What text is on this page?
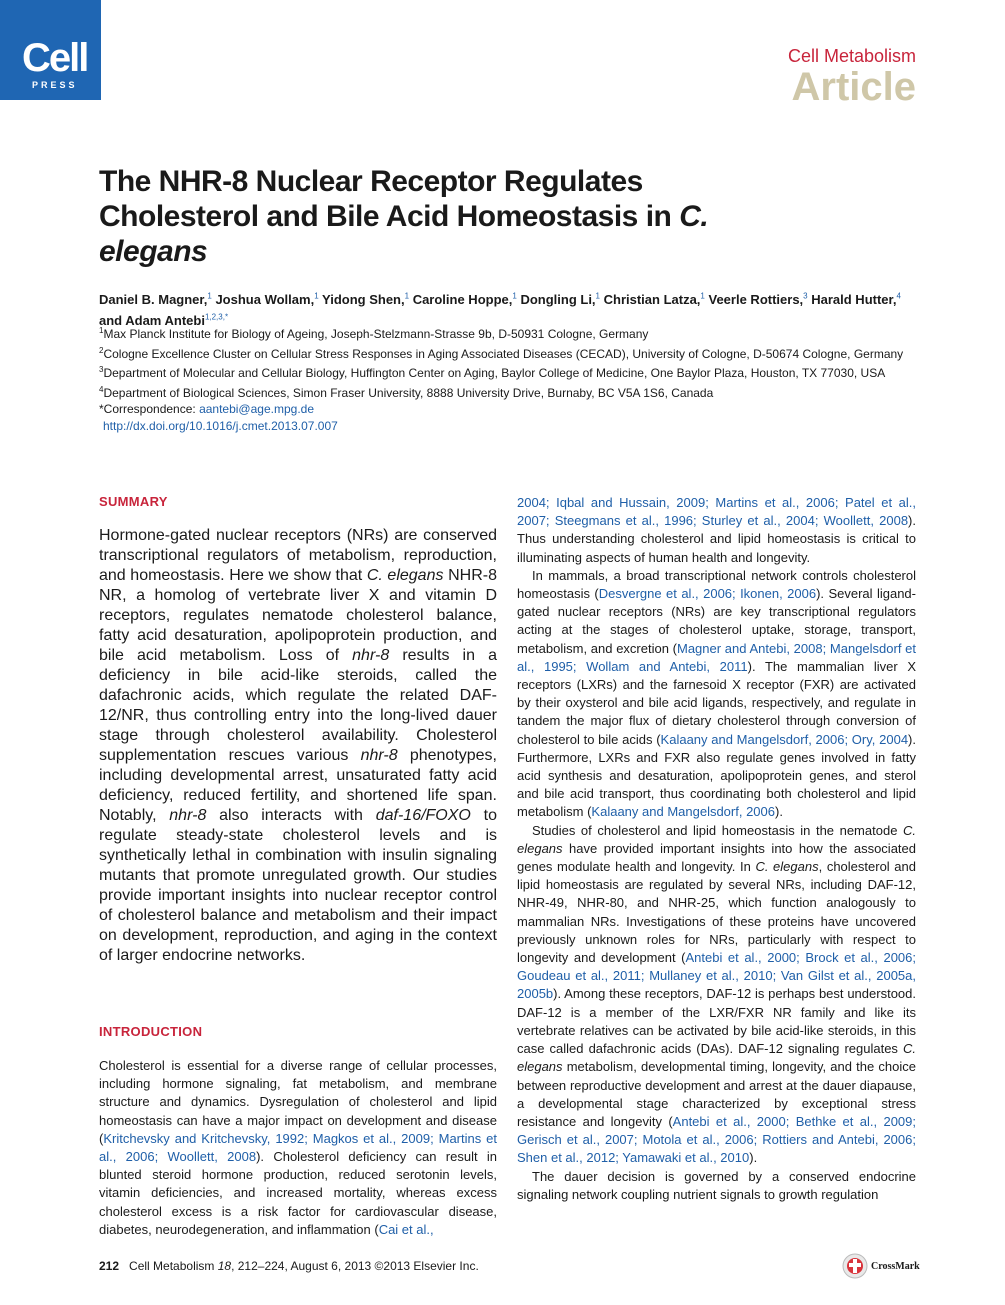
Cell
PRESS
Cell Metabolism
Article
The NHR-8 Nuclear Receptor Regulates Cholesterol and Bile Acid Homeostasis in C. elegans
Daniel B. Magner,$^1$ Joshua Wollam,$^1$ Yidong Shen,$^1$ Caroline Hoppe,$^1$ Dongling Li,$^1$ Christian Latza,$^1$ Veerle Rottiers,$^3$ Harald Hutter,$^4$ and Adam Antebi$^{1,2,3,*}$
$^1$Max Planck Institute for Biology of Ageing, Joseph-Stelzmann-Strasse 9b, D-50931 Cologne, Germany
$^2$Cologne Excellence Cluster on Cellular Stress Responses in Aging Associated Diseases (CECAD), University of Cologne, D-50674 Cologne, Germany
$^3$Department of Molecular and Cellular Biology, Huffington Center on Aging, Baylor College of Medicine, One Baylor Plaza, Houston, TX 77030, USA
$^4$Department of Biological Sciences, Simon Fraser University, 8888 University Drive, Burnaby, BC V5A 1S6, Canada
*Correspondence: aantebi@age.mpg.de
http://dx.doi.org/10.1016/j.cmet.2013.07.007
SUMMARY
Hormone-gated nuclear receptors (NRs) are conserved transcriptional regulators of metabolism, reproduction, and homeostasis. Here we show that C. elegans NHR-8 NR, a homolog of vertebrate liver X and vitamin D receptors, regulates nematode cholesterol balance, fatty acid desaturation, apolipoprotein production, and bile acid metabolism. Loss of nhr-8 results in a deficiency in bile acid-like steroids, called the dafachronic acids, which regulate the related DAF-12/NR, thus controlling entry into the long-lived dauer stage through cholesterol availability. Cholesterol supplementation rescues various nhr-8 phenotypes, including developmental arrest, unsaturated fatty acid deficiency, reduced fertility, and shortened life span. Notably, nhr-8 also interacts with daf-16/FOXO to regulate steady-state cholesterol levels and is synthetically lethal in combination with insulin signaling mutants that promote unregulated growth. Our studies provide important insights into nuclear receptor control of cholesterol balance and metabolism and their impact on development, reproduction, and aging in the context of larger endocrine networks.
INTRODUCTION

Cholesterol is essential for a diverse range of cellular processes, including hormone signaling, fat metabolism, and membrane structure and dynamics. Dysregulation of cholesterol and lipid homeostasis can have a major impact on development and disease (Kritchevsky and Kritchevsky, 1992; Magkos et al., 2009; Martins et al., 2006; Woollett, 2008). Cholesterol deficiency can result in blunted steroid hormone production, reduced serotonin levels, vitamin deficiencies, and increased mortality, whereas excess cholesterol excess is a risk factor for cardiovascular disease, diabetes, neurodegeneration, and inflammation (Cai et al.,

2004; Iqbal and Hussain, 2009; Martins et al., 2006; Patel et al., 2007; Steegmans et al., 1996; Sturley et al., 2004; Woollett, 2008). Thus understanding cholesterol and lipid homeostasis is critical to illuminating aspects of human health and longevity.

In mammals, a broad transcriptional network controls cholesterol homeostasis (Desvergne et al., 2006; Ikonen, 2006). Several ligand-gated nuclear receptors (NRs) are key transcriptional regulators acting at the stages of cholesterol uptake, storage, transport, metabolism, and excretion (Magner and Antebi, 2008; Mangelsdorf et al., 1995; Wollam and Antebi, 2011). The mammalian liver X receptors (LXRs) and the farnesoid X receptor (FXR) are activated by their oxysterol and bile acid ligands, respectively, and regulate in tandem the major flux of dietary cholesterol through conversion of cholesterol to bile acids (Kalaany and Mangelsdorf, 2006; Ory, 2004). Furthermore, LXRs and FXR also regulate genes involved in fatty acid synthesis and desaturation, apolipoprotein genes, and sterol and bile acid transport, thus coordinating both cholesterol and lipid metabolism (Kalaany and Mangelsdorf, 2006).

Studies of cholesterol and lipid homeostasis in the nematode C. elegans have provided important insights into how the associated genes modulate health and longevity. In C. elegans, cholesterol and lipid homeostasis are regulated by several NRs, including DAF-12, NHR-49, NHR-80, and NHR-25, which function analogously to mammalian NRs. Investigations of these proteins have uncovered previously unknown roles for NRs, particularly with respect to longevity and development (Antebi et al., 2000; Brock et al., 2006; Goudeau et al., 2011; Mullaney et al., 2010; Van Gilst et al., 2005a, 2005b). Among these receptors, DAF-12 is perhaps best understood. DAF-12 is a member of the LXR/FXR NR family and like its vertebrate relatives can be activated by bile acid-like steroids, in this case called dafachronic acids (DAs). DAF-12 signaling regulates C. elegans metabolism, developmental timing, longevity, and the choice between reproductive development and arrest at the dauer diapause, a developmental stage characterized by exceptional stress resistance and longevity (Antebi et al., 2000; Bethke et al., 2009; Gerisch et al., 2007; Motola et al., 2006; Rottiers and Antebi, 2006; Shen et al., 2012; Yamawaki et al., 2010).

The dauer decision is governed by a conserved endocrine signaling network coupling nutrient signals to growth regulation

212 Cell Metabolism 18, 212–224, August 6, 2013 ©2013 Elsevier Inc.	CrossMark
